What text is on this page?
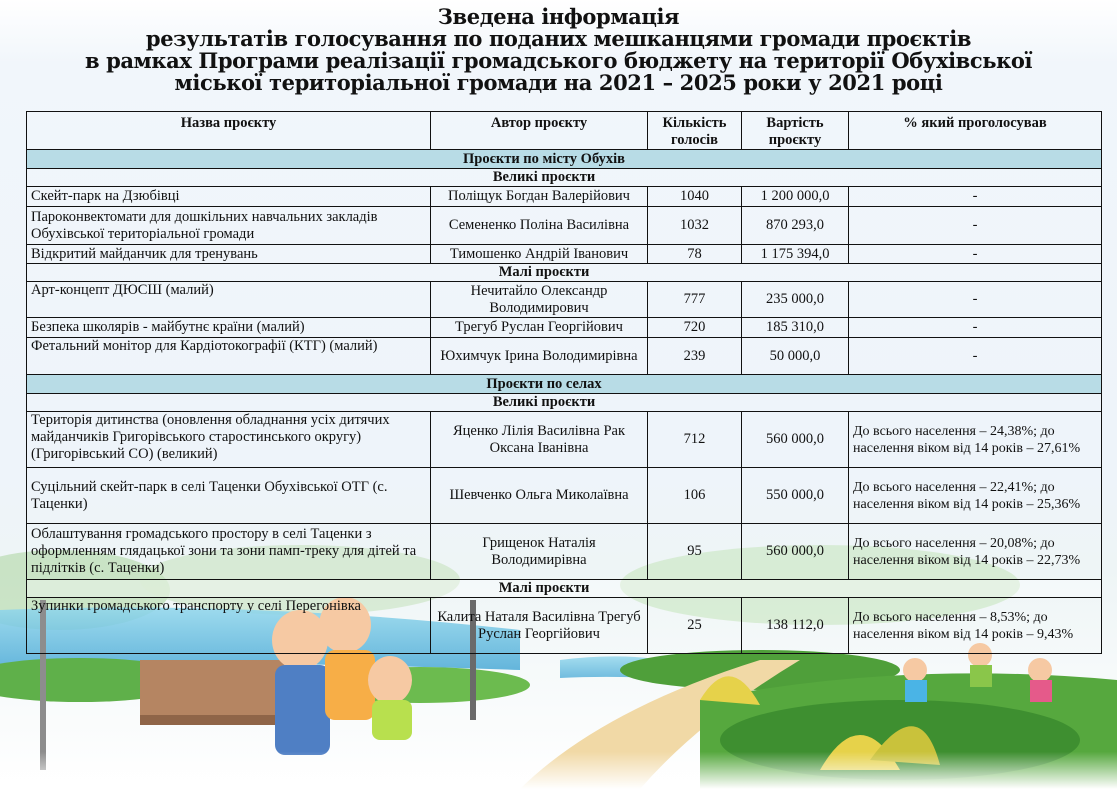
Зведена інформація
результатів голосування по поданих мешканцями громади проєктів
в рамках Програми реалізації громадського бюджету на території Обухівської
міської територіальної громади на 2021 – 2025 роки у 2021 році
Назва проєкту	Автор проєкту	Кількість голосів	Вартість проєкту	% який проголосував
Проєкти по місту Обухів				
Великі проєкти				
Скейт-парк на Дзюбівці	Поліщук Богдан Валерійович	1040	1 200 000,0	-
Пароконвектомати для дошкільних навчальних закладів Обухівської територіальної громади	Семененко Поліна Василівна	1032	870 293,0	-
Відкритий майданчик для тренувань	Тимошенко Андрій Іванович	78	1 175 394,0	-
Малі проєкти				
Арт-концепт ДЮСШ (малий)	Нечитайло Олександр Володимирович	777	235 000,0	-
Безпека школярів - майбутнє країни (малий)	Трегуб Руслан Георгійович	720	185 310,0	-
Фетальний монітор для Кардіотокографії (КТГ) (малий)	Юхимчук Ірина Володимирівна	239	50 000,0	-
Проєкти по селах				
Великі проєкти				
Територія дитинства (оновлення обладнання усіх дитячих майданчиків Григорівського старостинського округу) (Григорівський СО) (великий)	Яценко Лілія Василівна Рак Оксана Іванівна	712	560 000,0	До всього населення – 24,38%; до населення віком від 14 років – 27,61%
Суцільний скейт-парк в селі Таценки Обухівської ОТГ (с. Таценки)	Шевченко Ольга Миколаївна	106	550 000,0	До всього населення – 22,41%; до населення віком від 14 років – 25,36%
Облаштування громадського простору в селі Таценки з оформленням глядацької зони та зони памп-треку для дітей та підлітків (с. Таценки)	Грищенок Наталія Володимирівна	95	560 000,0	До всього населення – 20,08%; до населення віком від 14 років – 22,73%
Малі проєкти				
Зупинки громадського транспорту у селі Перегонівка	Калита Наталя Василівна Трегуб Руслан Георгійович	25	138 112,0	До всього населення – 8,53%; до населення віком від 14 років – 9,43%
